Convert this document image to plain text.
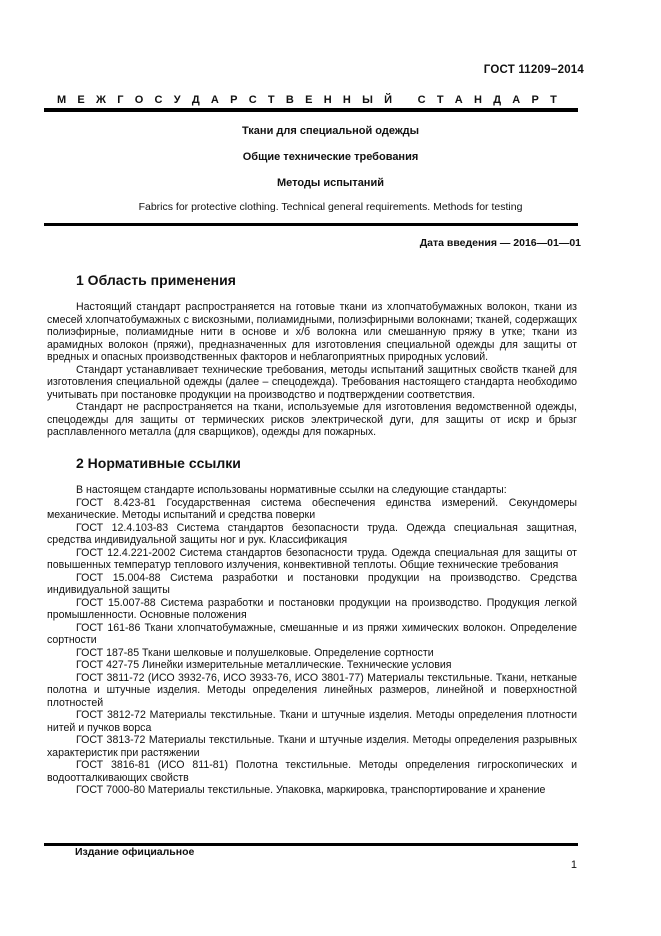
ГОСТ 11209−2014
М Е Ж Г О С У Д А Р С Т В Е Н Н Ы Й
С Т А Н Д А Р Т
Ткани для специальной одежды
Общие технические требования
Методы испытаний
Fabrics for protective clothing. Technical general requirements. Methods for testing
Дата введения — 2016—01—01
1 Область применения

Настоящий стандарт распространяется на готовые ткани из хлопчатобумажных волокон, ткани из смесей хлопчатобумажных с вискозными, полиамидными, полиэфирными волокнами; тканей, содержащих полиэфирные, полиамидные нити в основе и х/б волокна или смешанную пряжу в утке; ткани из арамидных волокон (пряжи), предназначенных для изготовления специальной одежды для защиты от вредных и опасных производственных факторов и неблагоприятных природных условий.

Стандарт устанавливает технические требования, методы испытаний защитных свойств тканей для изготовления специальной одежды (далее – спецодежда). Требования настоящего стандарта необходимо учитывать при постановке продукции на производство и подтверждении соответствия.

Стандарт не распространяется на ткани, используемые для изготовления ведомственной одежды, спецодежды для защиты от термических рисков электрической дуги, для защиты от искр и брызг расплавленного металла (для сварщиков), одежды для пожарных.

2 Нормативные ссылки

В настоящем стандарте использованы нормативные ссылки на следующие стандарты:

ГОСТ 8.423-81 Государственная система обеспечения единства измерений. Секундомеры механические. Методы испытаний и средства поверки

ГОСТ 12.4.103-83 Система стандартов безопасности труда. Одежда специальная защитная, средства индивидуальной защиты ног и рук. Классификация

ГОСТ 12.4.221-2002 Система стандартов безопасности труда. Одежда специальная для защиты от повышенных температур теплового излучения, конвективной теплоты. Общие технические требования

ГОСТ 15.004-88 Система разработки и постановки продукции на производство. Средства индивидуальной защиты

ГОСТ 15.007-88 Система разработки и постановки продукции на производство. Продукция легкой промышленности. Основные положения

ГОСТ 161-86 Ткани хлопчатобумажные, смешанные и из пряжи химических волокон. Определение сортности

ГОСТ 187-85 Ткани шелковые и полушелковые. Определение сортности

ГОСТ 427-75 Линейки измерительные металлические. Технические условия

ГОСТ 3811-72 (ИСО 3932-76, ИСО 3933-76, ИСО 3801-77) Материалы текстильные. Ткани, нетканые полотна и штучные изделия. Методы определения линейных размеров, линейной и поверхностной плотностей

ГОСТ 3812-72 Материалы текстильные. Ткани и штучные изделия. Методы определения плотности нитей и пучков ворса

ГОСТ 3813-72 Материалы текстильные. Ткани и штучные изделия. Методы определения разрывных характеристик при растяжении

ГОСТ 3816-81 (ИСО 811-81) Полотна текстильные. Методы определения гигроскопических и водоотталкивающих свойств

ГОСТ 7000-80 Материалы текстильные. Упаковка, маркировка, транспортирование и хранение

Издание официальное
1
